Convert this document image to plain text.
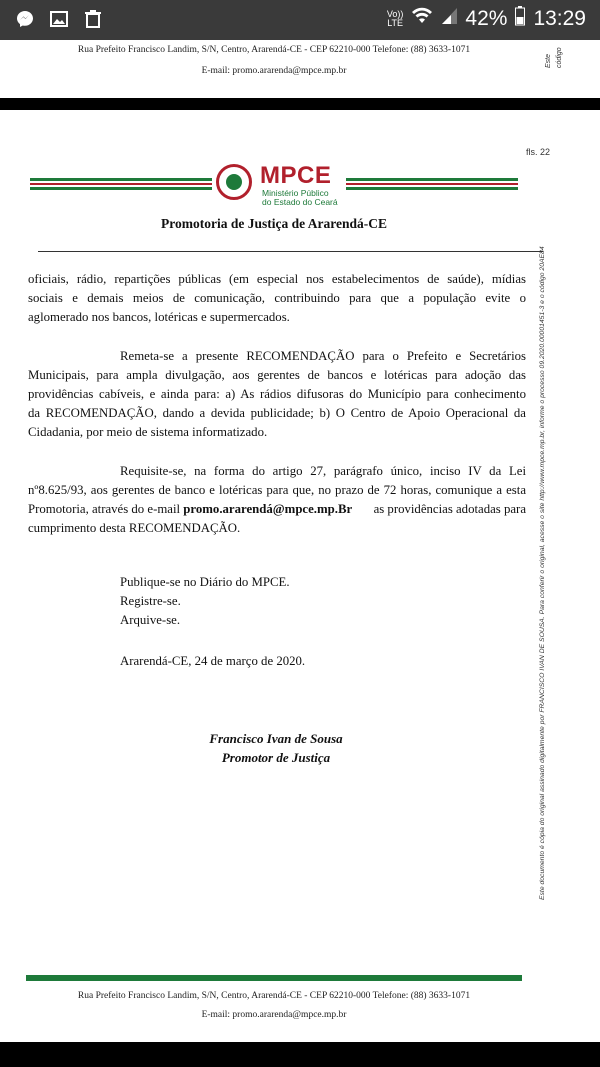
Vo))
LTE	42% 13:29
Rua Prefeito Francisco Landim, S/N, Centro, Ararendá-CE - CEP 62210-000 Telefone: (88) 3633-1071
E-mail: promo.ararenda@mpce.mp.br
Este código
fls. 22
MPCE
Ministério Público
do Estado do Ceará
Promotoria de Justiça de Ararendá-CE
oficiais, rádio, repartições públicas (em especial nos estabelecimentos de saúde), mídias
sociais e demais meios de comunicação, contribuindo para que a população evite o
aglomerado nos bancos, lotéricas e supermercados.
Remeta-se a presente RECOMENDAÇÃO para o Prefeito e Secretários
Municipais, para ampla divulgação, aos gerentes de bancos e lotéricas para adoção das
providências cabíveis, e ainda para: a) As rádios difusoras do Município para conhecimento
da RECOMENDAÇÃO, dando a devida publicidade; b) O Centro de Apoio Operacional da
Cidadania, por meio de sistema informatizado.
Requisite-se, na forma do artigo 27, parágrafo único, inciso IV da Lei
nº8.625/93, aos gerentes de banco e lotéricas para que, no prazo de 72 horas, comunique a esta
Promotoria, através do e-mail promo.ararendá@mpce.mp.Br as providências adotadas para
cumprimento desta RECOMENDAÇÃO.
Publique-se no Diário do MPCE.
Registre-se.
Arquive-se.
Ararendá-CE, 24 de março de 2020.
Francisco Ivan de Sousa
Promotor de Justiça	Este documento é cópia do original assinado digitalmente por FRANCISCO IVAN DE SOUSA. Para conferir o original, acesse o site http://www.mpce.mp.br, informe o processo 09.2020.00001451-3 e o código 20AE84
Rua Prefeito Francisco Landim, S/N, Centro, Ararendá-CE - CEP 62210-000 Telefone: (88) 3633-1071
E-mail: promo.ararenda@mpce.mp.br
